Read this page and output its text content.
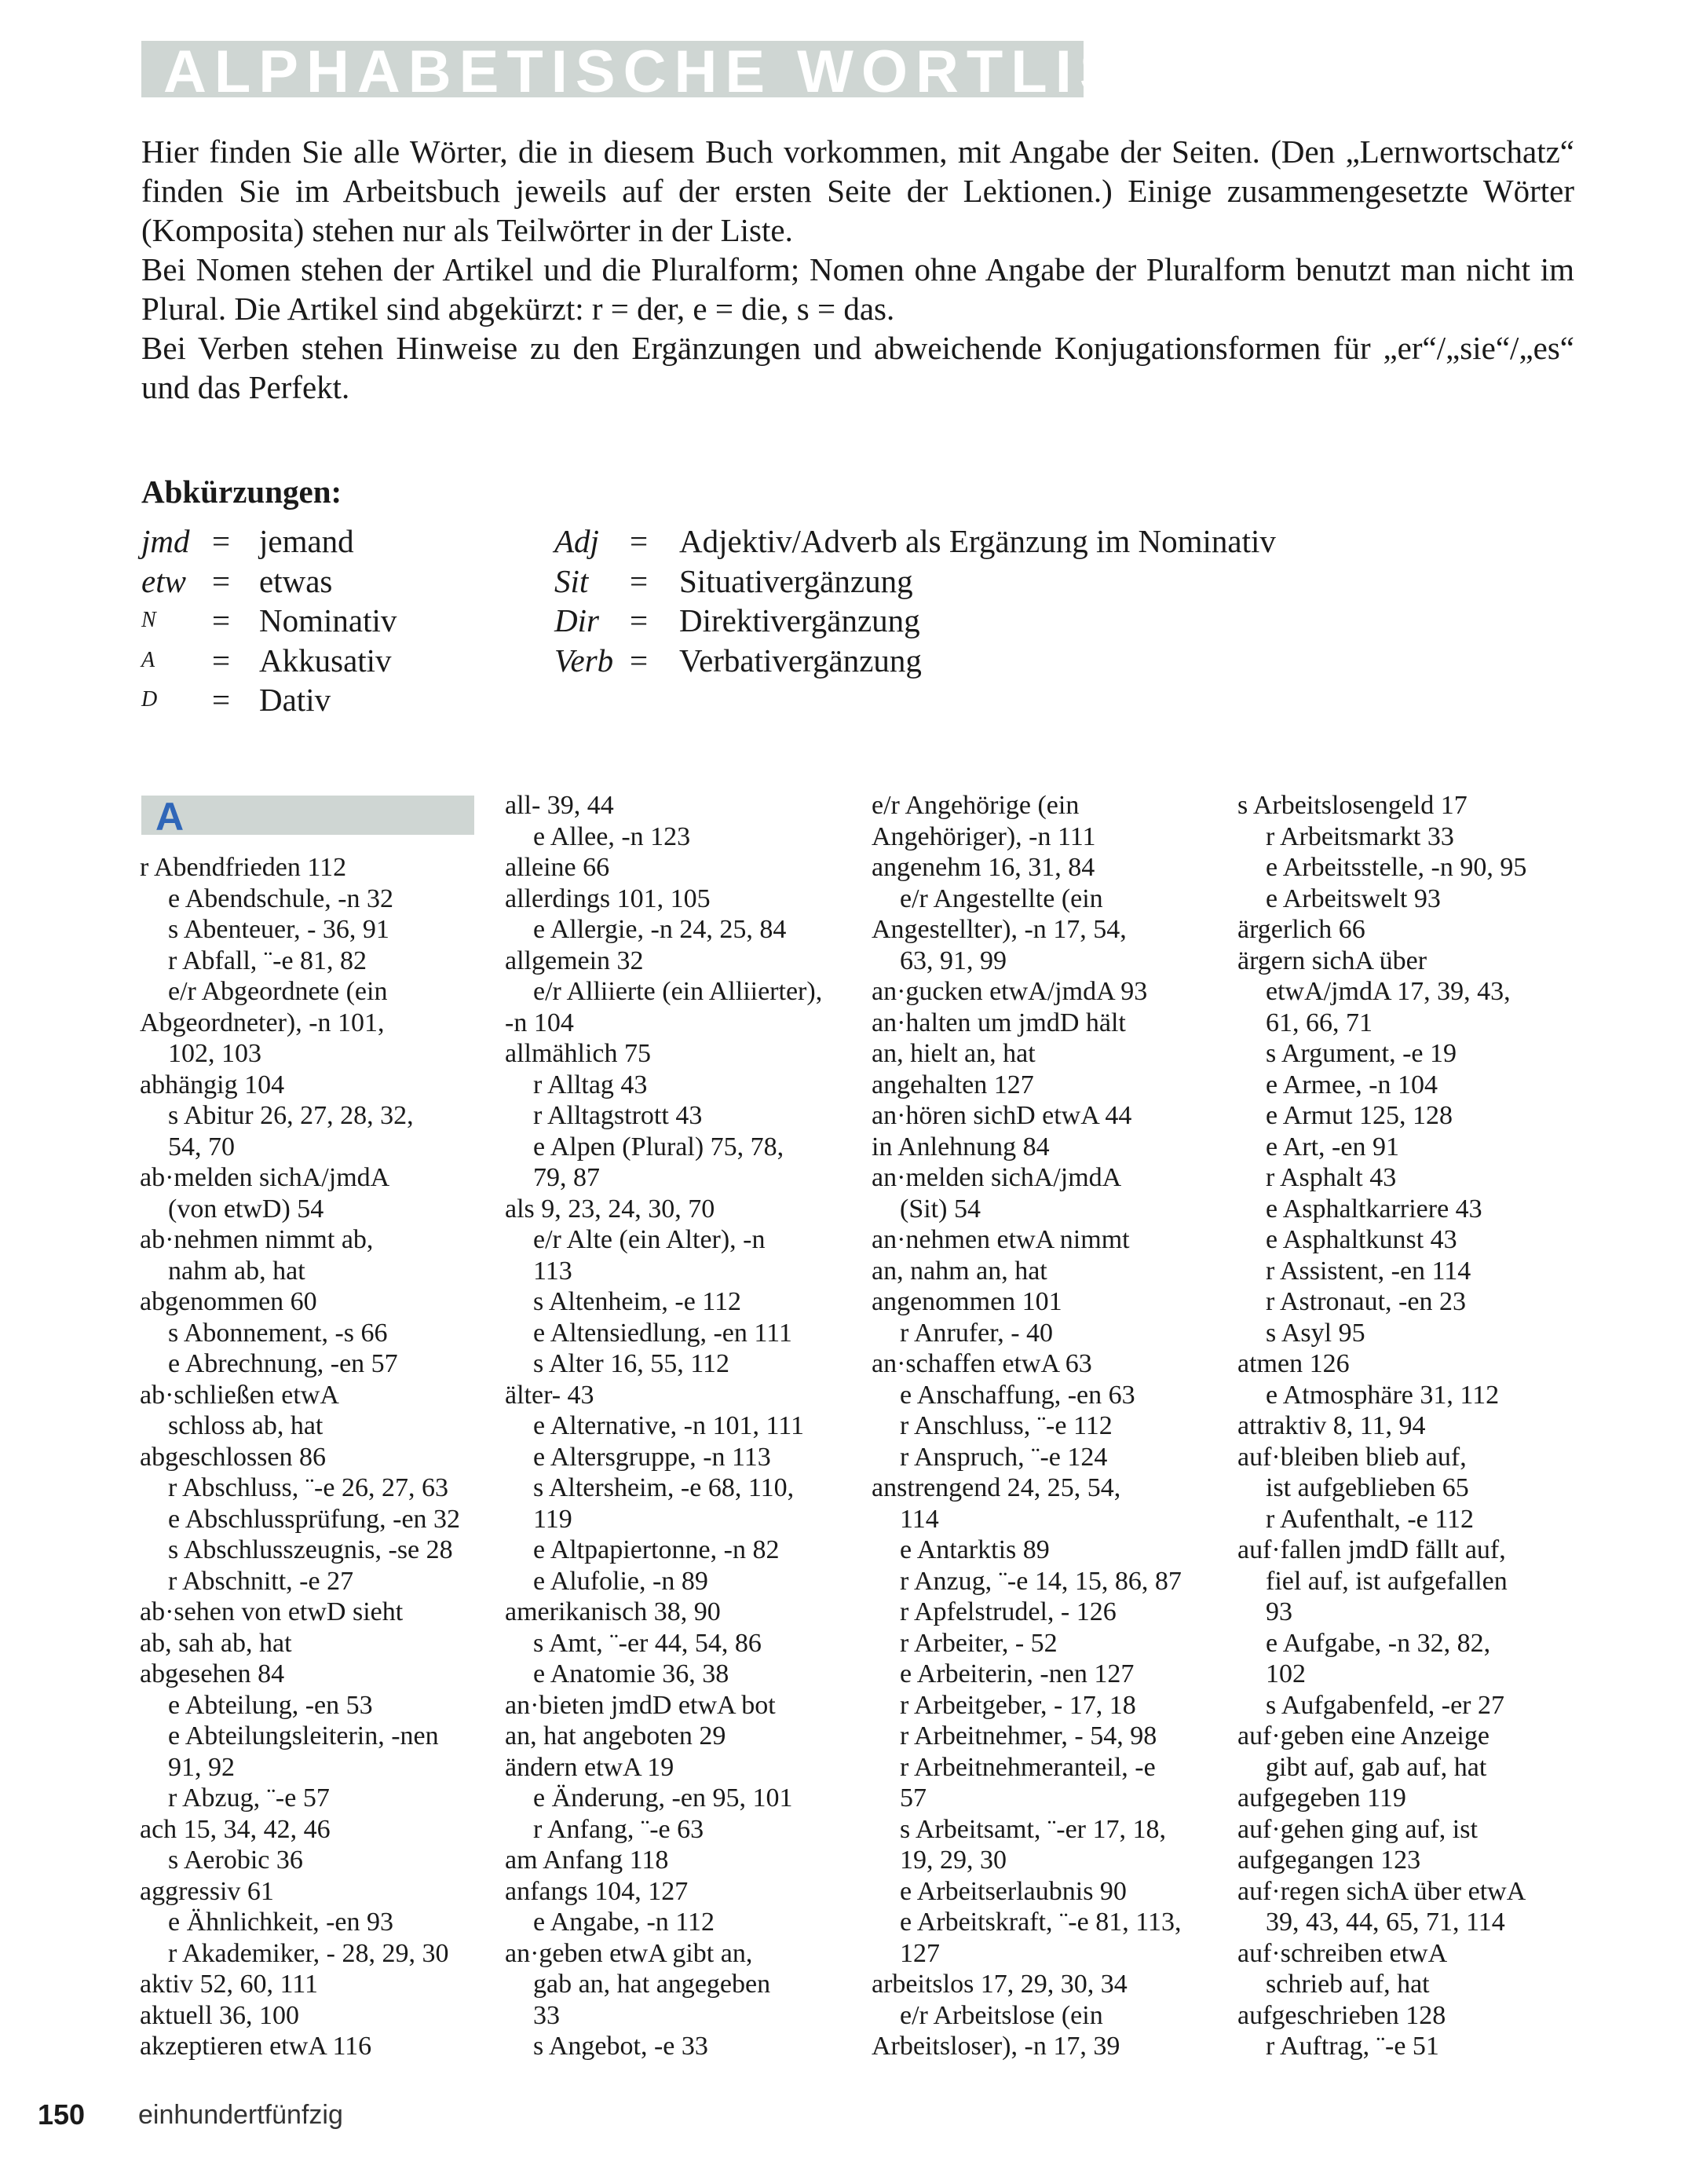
ALPHABETISCHE WORTLISTE

Hier finden Sie alle Wörter, die in diesem Buch vorkommen, mit Angabe der Seiten. (Den „Lernwortschatz“ finden Sie im Arbeitsbuch jeweils auf der ersten Seite der Lektionen.) Einige zusammengesetzte Wörter (Komposita) stehen nur als Teilwörter in der Liste.

Bei Nomen stehen der Artikel und die Pluralform; Nomen ohne Angabe der Pluralform benutzt man nicht im Plural. Die Artikel sind abgekürzt: r = der, e = die, s = das.

Bei Verben stehen Hinweise zu den Ergänzungen und abweichende Konjugationsformen für „er“/„sie“/„es“ und das Perfekt.

Abkürzungen:
jmd = jemand
etw = etwas
N	= Nominativ
A	= Akkusativ
D	= Dativ
Adj = Adjektiv/Adverb als Ergänzung im Nominativ
Sit	= Situativergänzung
Dir = Direktivergänzung
Verb = Verbativergänzung
A
r Abendfrieden 112
e Abendschule, -n 32
s Abenteuer, - 36, 91
r Abfall, ¨-e 81, 82
e/r Abgeordnete (ein
Abgeordneter), -n 101,
102, 103
abhängig 104
s Abitur 26, 27, 28, 32,
54, 70
ab·melden sichA/jmdA
(von etwD) 54
ab·nehmen nimmt ab,
nahm ab, hat
abgenommen 60
s Abonnement, -s 66
e Abrechnung, -en 57
ab·schließen etwA
schloss ab, hat
abgeschlossen 86
r Abschluss, ¨-e 26, 27, 63
e Abschlussprüfung, -en 32
s Abschlusszeugnis, -se 28
r Abschnitt, -e 27
ab·sehen von etwD sieht
ab, sah ab, hat
abgesehen 84
e Abteilung, -en 53
e Abteilungsleiterin, -nen
91, 92
r Abzug, ¨-e 57
ach 15, 34, 42, 46
s Aerobic 36
aggressiv 61
e Ähnlichkeit, -en 93
r Akademiker, - 28, 29, 30
aktiv 52, 60, 111
aktuell 36, 100
akzeptieren etwA 116
all- 39, 44
e Allee, -n 123
alleine 66
allerdings 101, 105
e Allergie, -n 24, 25, 84
allgemein 32
e/r Alliierte (ein Alliierter),
-n 104
allmählich 75
r Alltag 43
r Alltagstrott 43
e Alpen (Plural) 75, 78,
79, 87
als 9, 23, 24, 30, 70
e/r Alte (ein Alter), -n
113
s Altenheim, -e 112
e Altensiedlung, -en 111
s Alter 16, 55, 112
älter- 43
e Alternative, -n 101, 111
e Altersgruppe, -n 113
s Altersheim, -e 68, 110,
119
e Altpapiertonne, -n 82
e Alufolie, -n 89
amerikanisch 38, 90
s Amt, ¨-er 44, 54, 86
e Anatomie 36, 38
an·bieten jmdD etwA bot
an, hat angeboten 29
ändern etwA 19
e Änderung, -en 95, 101
r Anfang, ¨-e 63
am Anfang 118
anfangs 104, 127
e Angabe, -n 112
an·geben etwA gibt an,
gab an, hat angegeben
33
s Angebot, -e 33
e/r Angehörige (ein
Angehöriger), -n 111
angenehm 16, 31, 84
e/r Angestellte (ein
Angestellter), -n 17, 54,
63, 91, 99
an·gucken etwA/jmdA 93
an·halten um jmdD hält
an, hielt an, hat
angehalten 127
an·hören sichD etwA 44
in Anlehnung 84
an·melden sichA/jmdA
(Sit) 54
an·nehmen etwA nimmt
an, nahm an, hat
angenommen 101
r Anrufer, - 40
an·schaffen etwA 63
e Anschaffung, -en 63
r Anschluss, ¨-e 112
r Anspruch, ¨-e 124
anstrengend 24, 25, 54,
114
e Antarktis 89
r Anzug, ¨-e 14, 15, 86, 87
r Apfelstrudel, - 126
r Arbeiter, - 52
e Arbeiterin, -nen 127
r Arbeitgeber, - 17, 18
r Arbeitnehmer, - 54, 98
r Arbeitnehmeranteil, -e
57
s Arbeitsamt, ¨-er 17, 18,
19, 29, 30
e Arbeitserlaubnis 90
e Arbeitskraft, ¨-e 81, 113,
127
arbeitslos 17, 29, 30, 34
e/r Arbeitslose (ein
Arbeitsloser), -n 17, 39
s Arbeitslosengeld 17
r Arbeitsmarkt 33
e Arbeitsstelle, -n 90, 95
e Arbeitswelt 93
ärgerlich 66
ärgern sichA über
etwA/jmdA 17, 39, 43,
61, 66, 71
s Argument, -e 19
e Armee, -n 104
e Armut 125, 128
e Art, -en 91
r Asphalt 43
e Asphaltkarriere 43
e Asphaltkunst 43
r Assistent, -en 114
r Astronaut, -en 23
s Asyl 95
atmen 126
e Atmosphäre 31, 112
attraktiv 8, 11, 94
auf·bleiben blieb auf,
ist aufgeblieben 65
r Aufenthalt, -e 112
auf·fallen jmdD fällt auf,
fiel auf, ist aufgefallen
93
e Aufgabe, -n 32, 82,
102
s Aufgabenfeld, -er 27
auf·geben eine Anzeige
gibt auf, gab auf, hat
aufgegeben 119
auf·gehen ging auf, ist
aufgegangen 123
auf·regen sichA über etwA
39, 43, 44, 65, 71, 114
auf·schreiben etwA
schrieb auf, hat
aufgeschrieben 128
r Auftrag, ¨-e 51
150 einhundertfünfzig
